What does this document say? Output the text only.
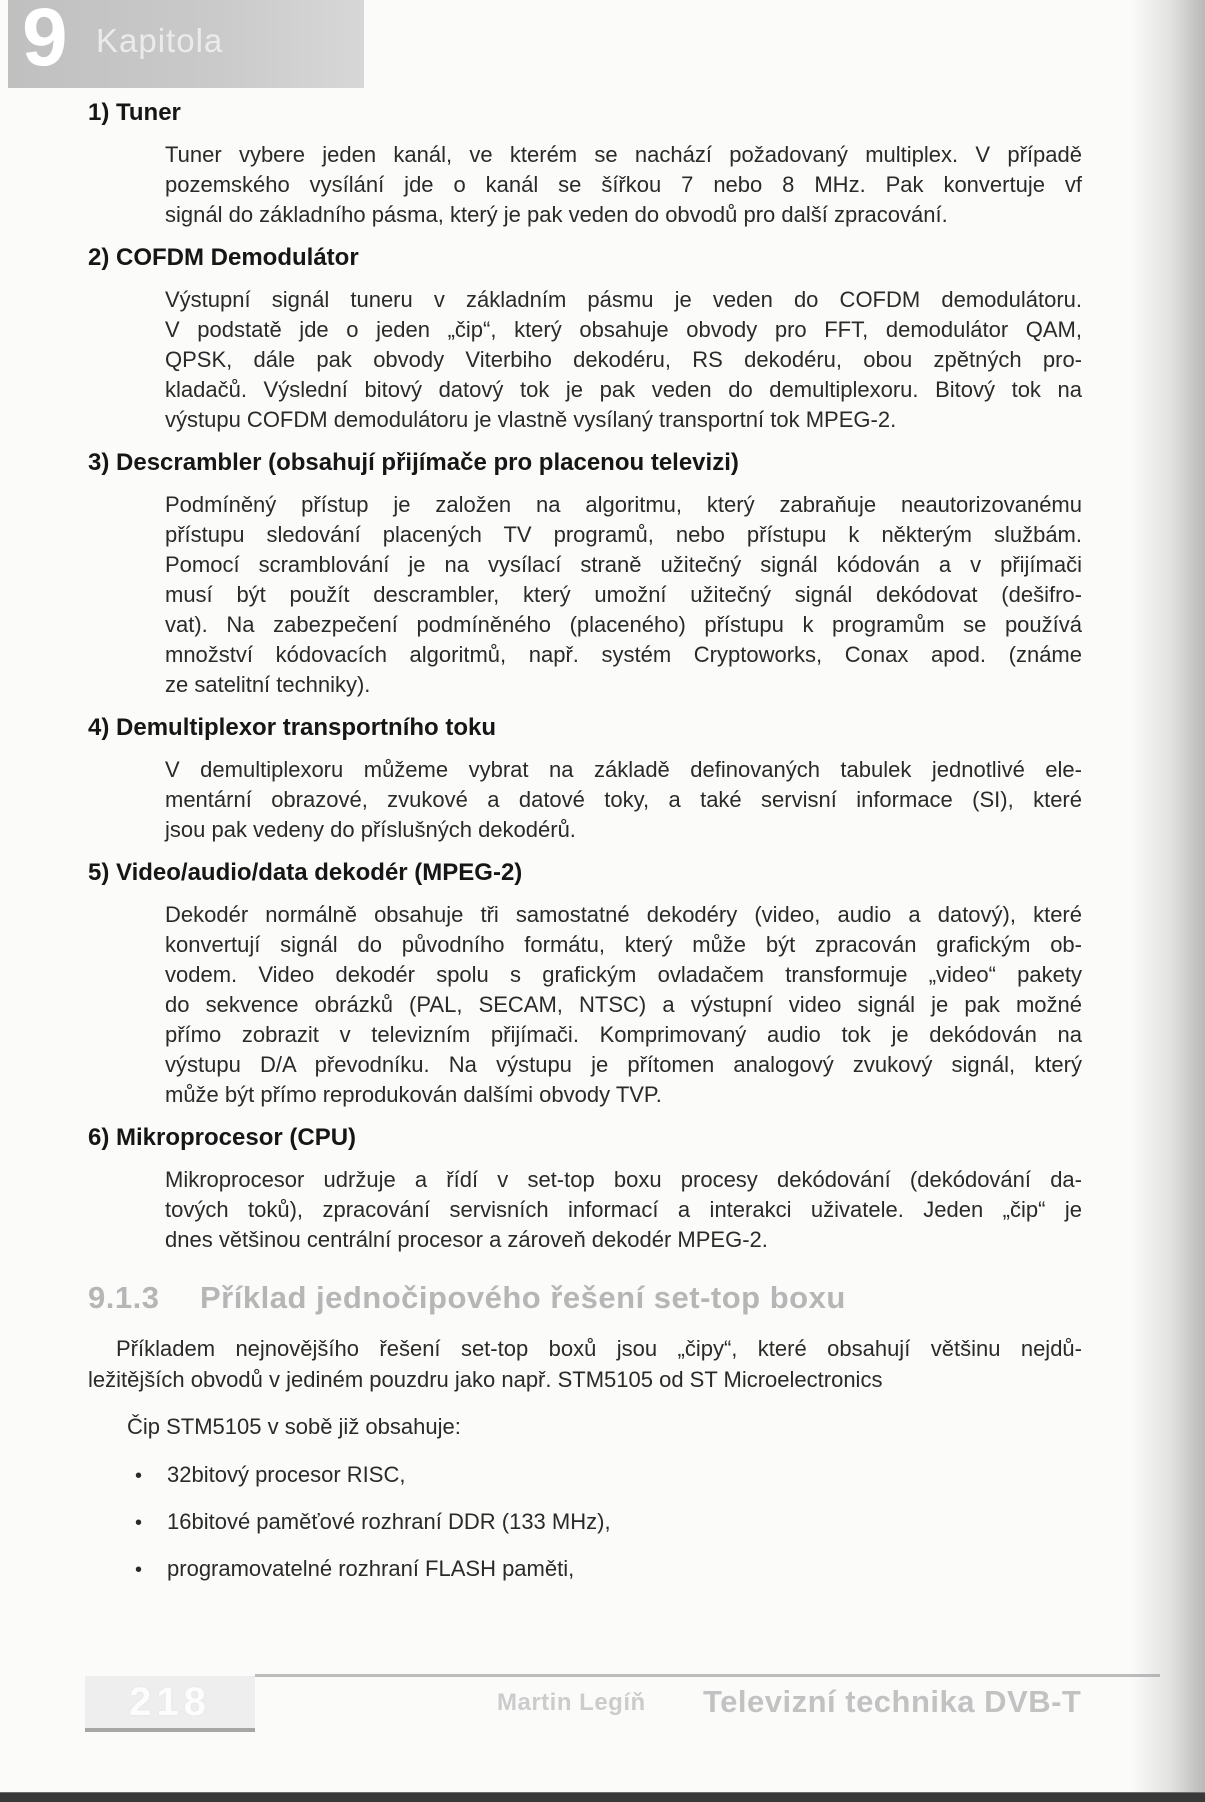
9 Kapitola
1) Tuner
Tuner vybere jeden kanál, ve kterém se nachází požadovaný multiplex. V případě
pozemského vysílání jde o kanál se šířkou 7 nebo 8 MHz. Pak konvertuje vf
signál do základního pásma, který je pak veden do obvodů pro další zpracování.
2) COFDM Demodulátor
Výstupní signál tuneru v základním pásmu je veden do COFDM demodulátoru.
V podstatě jde o jeden „čip“, který obsahuje obvody pro FFT, demodulátor QAM,
QPSK, dále pak obvody Viterbiho dekodéru, RS dekodéru, obou zpětných pro-
kladačů. Výslední bitový datový tok je pak veden do demultiplexoru. Bitový tok na
výstupu COFDM demodulátoru je vlastně vysílaný transportní tok MPEG-2.
3) Descrambler (obsahují přijímače pro placenou televizi)
Podmíněný přístup je založen na algoritmu, který zabraňuje neautorizovanému
přístupu sledování placených TV programů, nebo přístupu k některým službám.
Pomocí scramblování je na vysílací straně užitečný signál kódován a v přijímači
musí být použít descrambler, který umožní užitečný signál dekódovat (dešifro-
vat). Na zabezpečení podmíněného (placeného) přístupu k programům se používá
množství kódovacích algoritmů, např. systém Cryptoworks, Conax apod. (známe
ze satelitní techniky).
4) Demultiplexor transportního toku
V demultiplexoru můžeme vybrat na základě definovaných tabulek jednotlivé ele-
mentární obrazové, zvukové a datové toky, a také servisní informace (SI), které
jsou pak vedeny do příslušných dekodérů.
5) Video/audio/data dekodér (MPEG-2)
Dekodér normálně obsahuje tři samostatné dekodéry (video, audio a datový), které
konvertují signál do původního formátu, který může být zpracován grafickým ob-
vodem. Video dekodér spolu s grafickým ovladačem transformuje „video“ pakety
do sekvence obrázků (PAL, SECAM, NTSC) a výstupní video signál je pak možné
přímo zobrazit v televizním přijímači. Komprimovaný audio tok je dekódován na
výstupu D/A převodníku. Na výstupu je přítomen analogový zvukový signál, který
může být přímo reprodukován dalšími obvody TVP.
6) Mikroprocesor (CPU)
Mikroprocesor udržuje a řídí v set-top boxu procesy dekódování (dekódování da-
tových toků), zpracování servisních informací a interakci uživatele. Jeden „čip“ je
dnes většinou centrální procesor a zároveň dekodér MPEG-2.
9.1.3 Příklad jednočipového řešení set-top boxu
Příkladem nejnovějšího řešení set-top boxů jsou „čipy“, které obsahují většinu nejdů-
ležitějších obvodů v jediném pouzdru jako např. STM5105 od ST Microelectronics
Čip STM5105 v sobě již obsahuje:
• 32bitový procesor RISC,
• 16bitové paměťové rozhraní DDR (133 MHz),
• programovatelné rozhraní FLASH paměti,
218	Martin Legíň Televizní technika DVB-T
